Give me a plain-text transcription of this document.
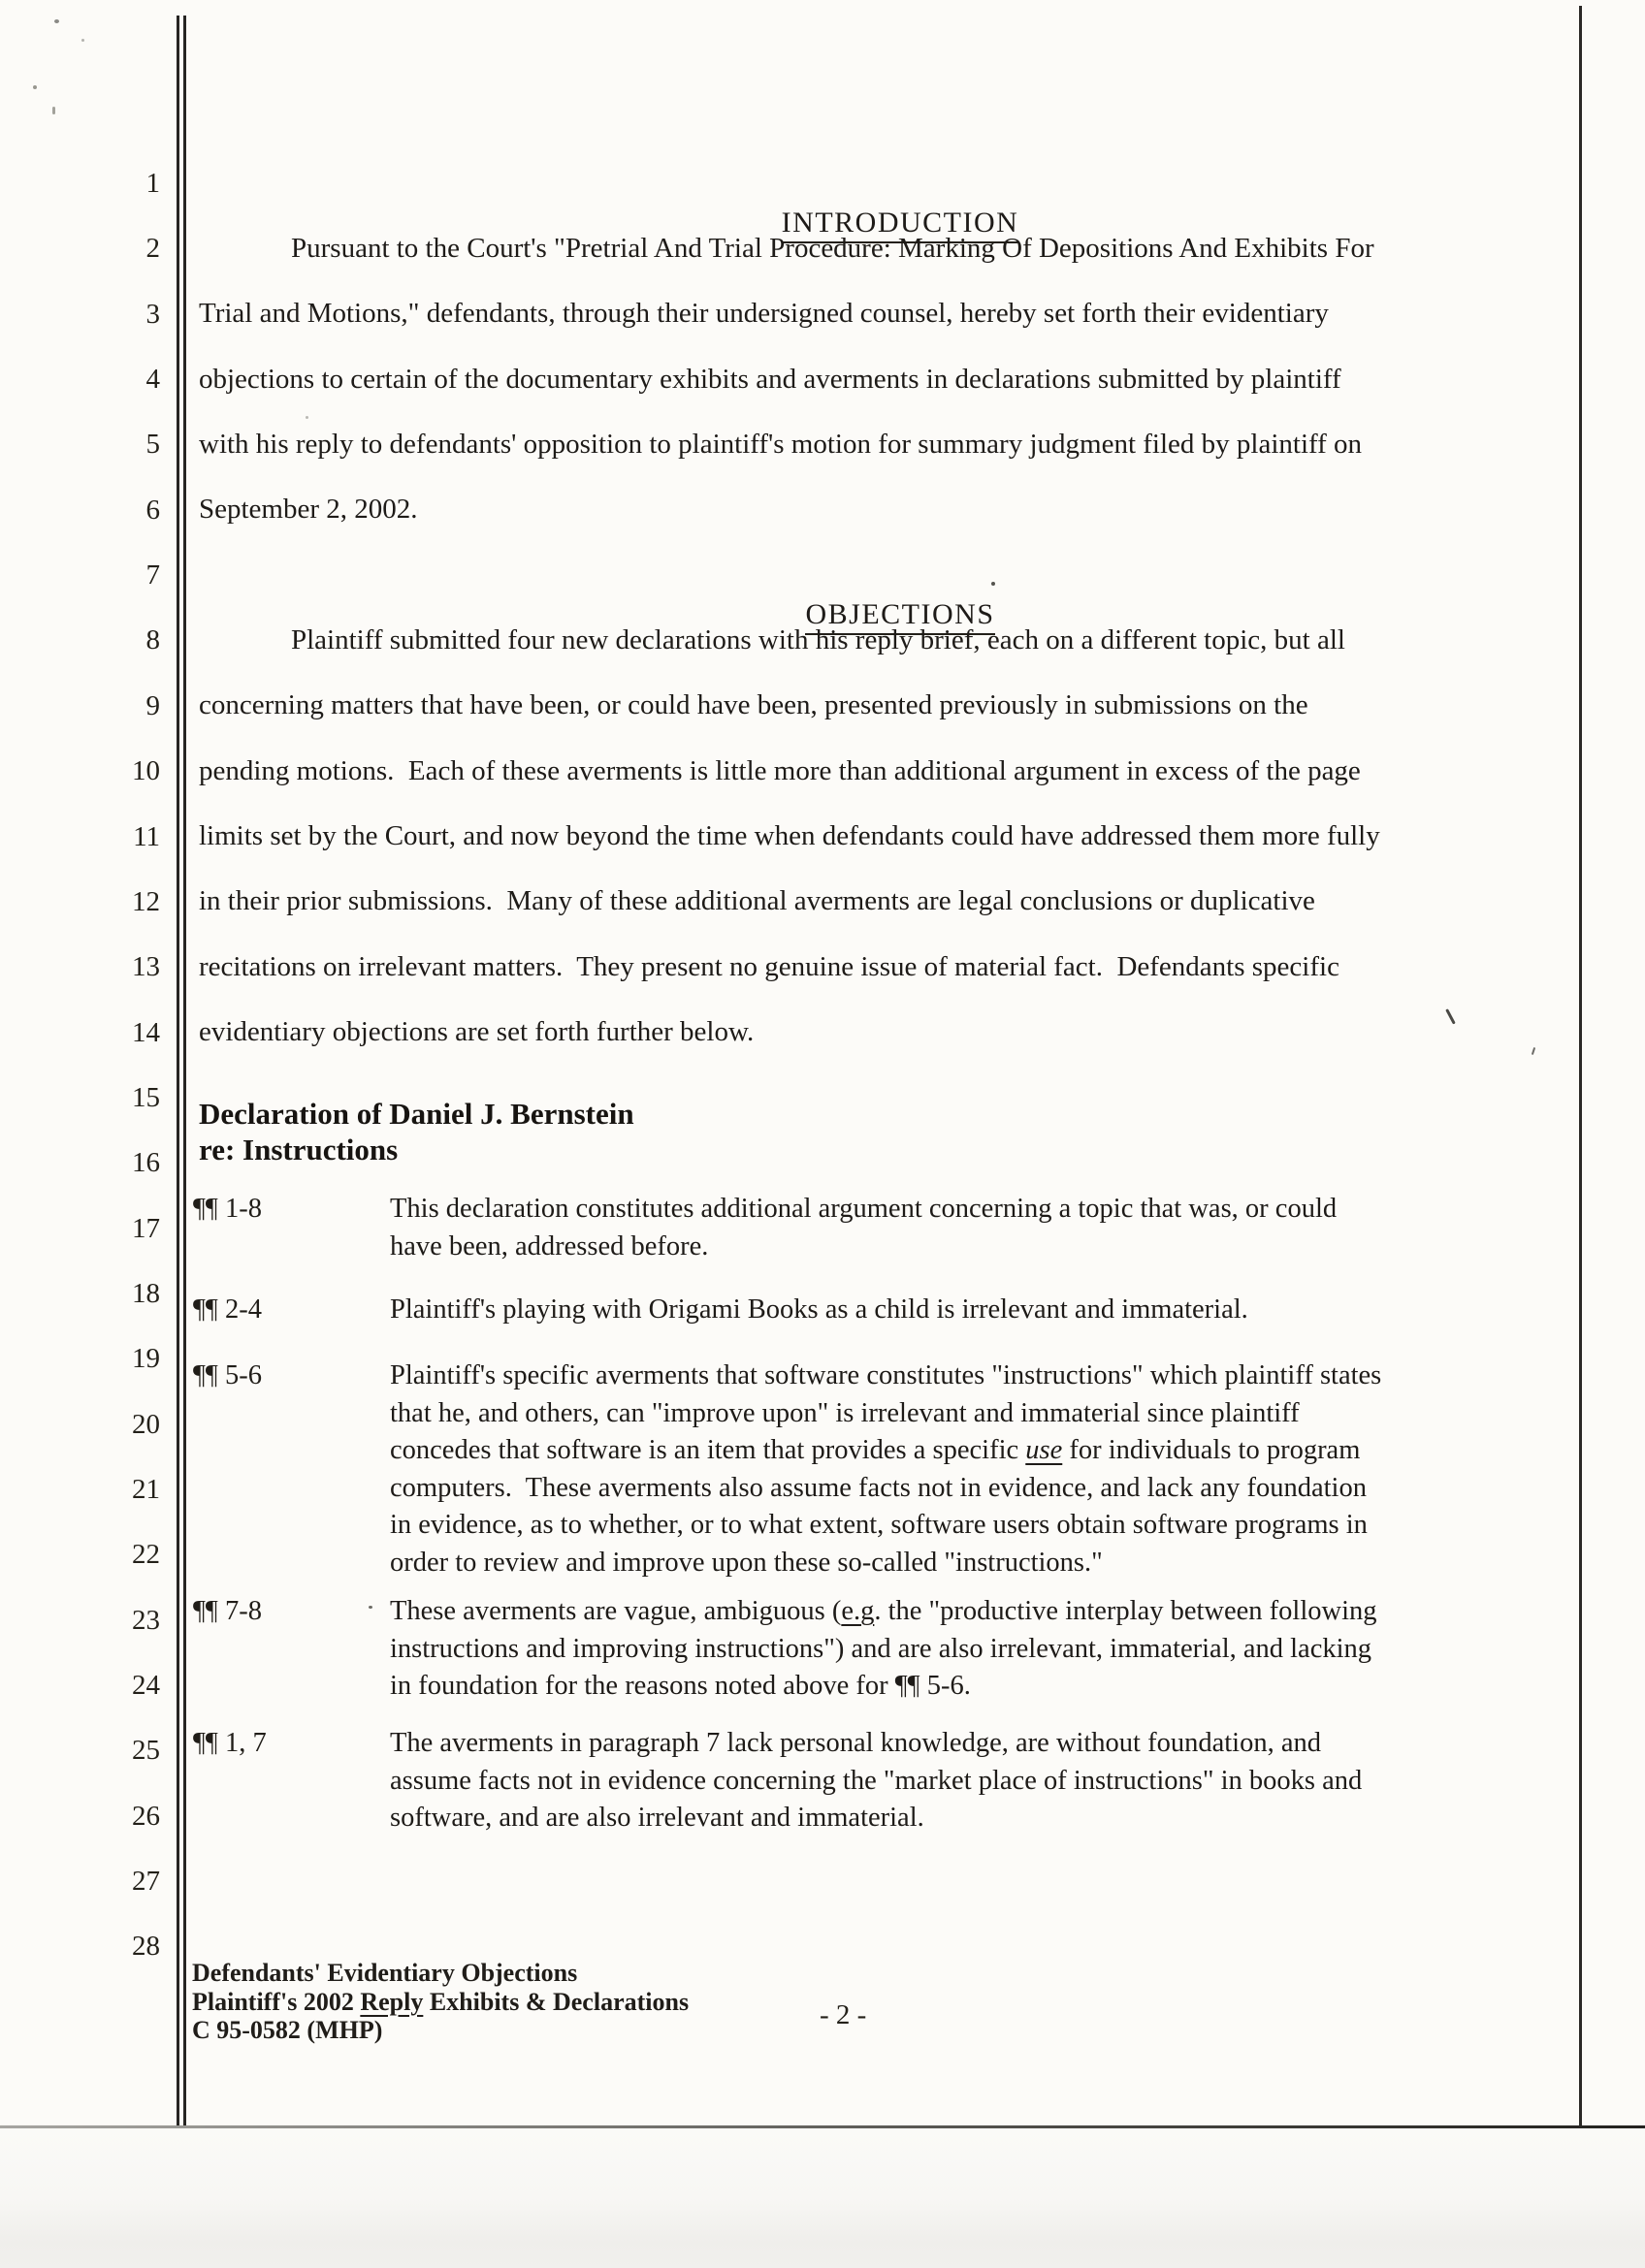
1
2
3
4
5
6
7
8
9
10
11
12
13
14
15
16
17
18
19
20
21
22
23
24
25
26
27
28

INTRODUCTION

Pursuant to the Court's "Pretrial And Trial Procedure: Marking Of Depositions And Exhibits For
Trial and Motions," defendants, through their undersigned counsel, hereby set forth their evidentiary
objections to certain of the documentary exhibits and averments in declarations submitted by plaintiff
with his reply to defendants' opposition to plaintiff's motion for summary judgment filed by plaintiff on
September 2, 2002.

OBJECTIONS

Plaintiff submitted four new declarations with his reply brief, each on a different topic, but all
concerning matters that have been, or could have been, presented previously in submissions on the
pending motions.  Each of these averments is little more than additional argument in excess of the page
limits set by the Court, and now beyond the time when defendants could have addressed them more fully
in their prior submissions.  Many of these additional averments are legal conclusions or duplicative
recitations on irrelevant matters.  They present no genuine issue of material fact.  Defendants specific
evidentiary objections are set forth further below.
Declaration of Daniel J. Bernstein
re: Instructions
¶¶ 1-8	This declaration constitutes additional argument concerning a topic that was, or could
have been, addressed before.
¶¶ 2-4	Plaintiff's playing with Origami Books as a child is irrelevant and immaterial.
¶¶ 5-6	Plaintiff's specific averments that software constitutes "instructions" which plaintiff states
that he, and others, can "improve upon" is irrelevant and immaterial since plaintiff
concedes that software is an item that provides a specific use for individuals to program
computers.  These averments also assume facts not in evidence, and lack any foundation
in evidence, as to whether, or to what extent, software users obtain software programs in
order to review and improve upon these so-called "instructions."
¶¶ 7-8	These averments are vague, ambiguous (e.g. the "productive interplay between following
instructions and improving instructions") and are also irrelevant, immaterial, and lacking
in foundation for the reasons noted above for ¶¶ 5-6.
¶¶ 1, 7	The averments in paragraph 7 lack personal knowledge, are without foundation, and
assume facts not in evidence concerning the "market place of instructions" in books and
software, and are also irrelevant and immaterial.
Defendants' Evidentiary Objections
Plaintiff's 2002 Reply Exhibits & Declarations
C 95-0582 (MHP)	- 2 -
